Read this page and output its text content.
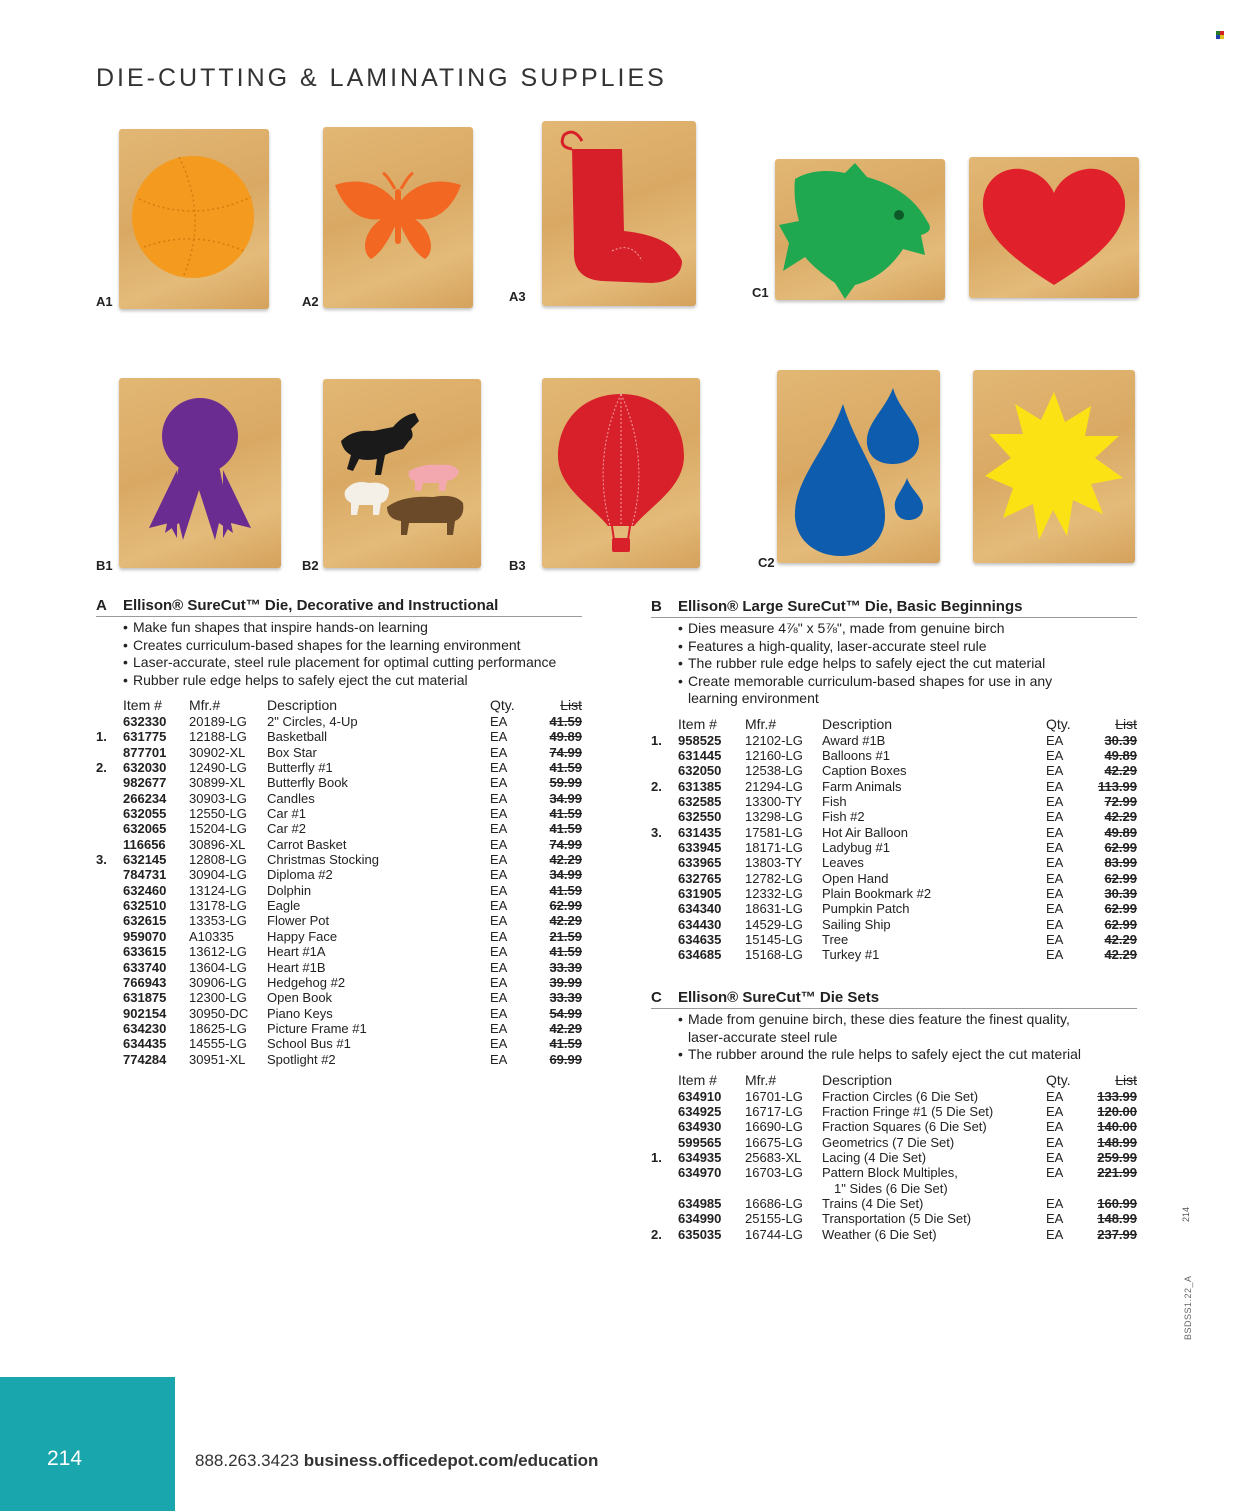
DIE-CUTTING & LAMINATING SUPPLIES
A1	A2	A3	C1
B1	B2	B3	C2
A	Ellison® SureCut™ Die, Decorative and Instructional
• Make fun shapes that inspire hands-on learning
• Creates curriculum-based shapes for the learning environment
• Laser-accurate, steel rule placement for optimal cutting performance
• Rubber rule edge helps to safely eject the cut material
	Item #	Mfr.#	Description	Qty.	List
	632330	20189-LG	2" Circles, 4-Up	EA	41.59
1.	631775	12188-LG	Basketball	EA	49.89
	877701	30902-XL	Box Star	EA	74.99
2.	632030	12490-LG	Butterfly #1	EA	41.59
	982677	30899-XL	Butterfly Book	EA	59.99
	266234	30903-LG	Candles	EA	34.99
	632055	12550-LG	Car #1	EA	41.59
	632065	15204-LG	Car #2	EA	41.59
	116656	30896-XL	Carrot Basket	EA	74.99
3.	632145	12808-LG	Christmas Stocking	EA	42.29
	784731	30904-LG	Diploma #2	EA	34.99
	632460	13124-LG	Dolphin	EA	41.59
	632510	13178-LG	Eagle	EA	62.99
	632615	13353-LG	Flower Pot	EA	42.29
	959070	A10335	Happy Face	EA	21.59
	633615	13612-LG	Heart #1A	EA	41.59
	633740	13604-LG	Heart #1B	EA	33.39
	766943	30906-LG	Hedgehog #2	EA	39.99
	631875	12300-LG	Open Book	EA	33.39
	902154	30950-DC	Piano Keys	EA	54.99
	634230	18625-LG	Picture Frame #1	EA	42.29
	634435	14555-LG	School Bus #1	EA	41.59
	774284	30951-XL	Spotlight #2	EA	69.99
B	Ellison® Large SureCut™ Die, Basic Beginnings
• Dies measure 4⅞" x 5⅞", made from genuine birch
• Features a high-quality, laser-accurate steel rule
• The rubber rule edge helps to safely eject the cut material
• Create memorable curriculum-based shapes for use in any learning environment
	Item #	Mfr.#	Description	Qty.	List
1.	958525	12102-LG	Award #1B	EA	30.39
	631445	12160-LG	Balloons #1	EA	49.89
	632050	12538-LG	Caption Boxes	EA	42.29
2.	631385	21294-LG	Farm Animals	EA	113.99
	632585	13300-TY	Fish	EA	72.99
	632550	13298-LG	Fish #2	EA	42.29
3.	631435	17581-LG	Hot Air Balloon	EA	49.89
	633945	18171-LG	Ladybug #1	EA	62.99
	633965	13803-TY	Leaves	EA	83.99
	632765	12782-LG	Open Hand	EA	62.99
	631905	12332-LG	Plain Bookmark #2	EA	30.39
	634340	18631-LG	Pumpkin Patch	EA	62.99
	634430	14529-LG	Sailing Ship	EA	62.99
	634635	15145-LG	Tree	EA	42.29
	634685	15168-LG	Turkey #1	EA	42.29
C	Ellison® SureCut™ Die Sets
• Made from genuine birch, these dies feature the finest quality, laser-accurate steel rule
• The rubber around the rule helps to safely eject the cut material
	Item #	Mfr.#	Description	Qty.	List
	634910	16701-LG	Fraction Circles (6 Die Set)	EA	133.99
	634925	16717-LG	Fraction Fringe #1 (5 Die Set)	EA	120.00
	634930	16690-LG	Fraction Squares (6 Die Set)	EA	140.00
	599565	16675-LG	Geometrics (7 Die Set)	EA	148.99
1.	634935	25683-XL	Lacing (4 Die Set)	EA	259.99
	634970	16703-LG	Pattern Block Multiples,	EA	221.99
			1" Sides (6 Die Set)		
	634985	16686-LG	Trains (4 Die Set)	EA	160.99
	634990	25155-LG	Transportation (5 Die Set)	EA	148.99
2.	635035	16744-LG	Weather (6 Die Set)	EA	237.99
214	888.263.3423 business.officedepot.com/education
214
BSDSS1.22_A
